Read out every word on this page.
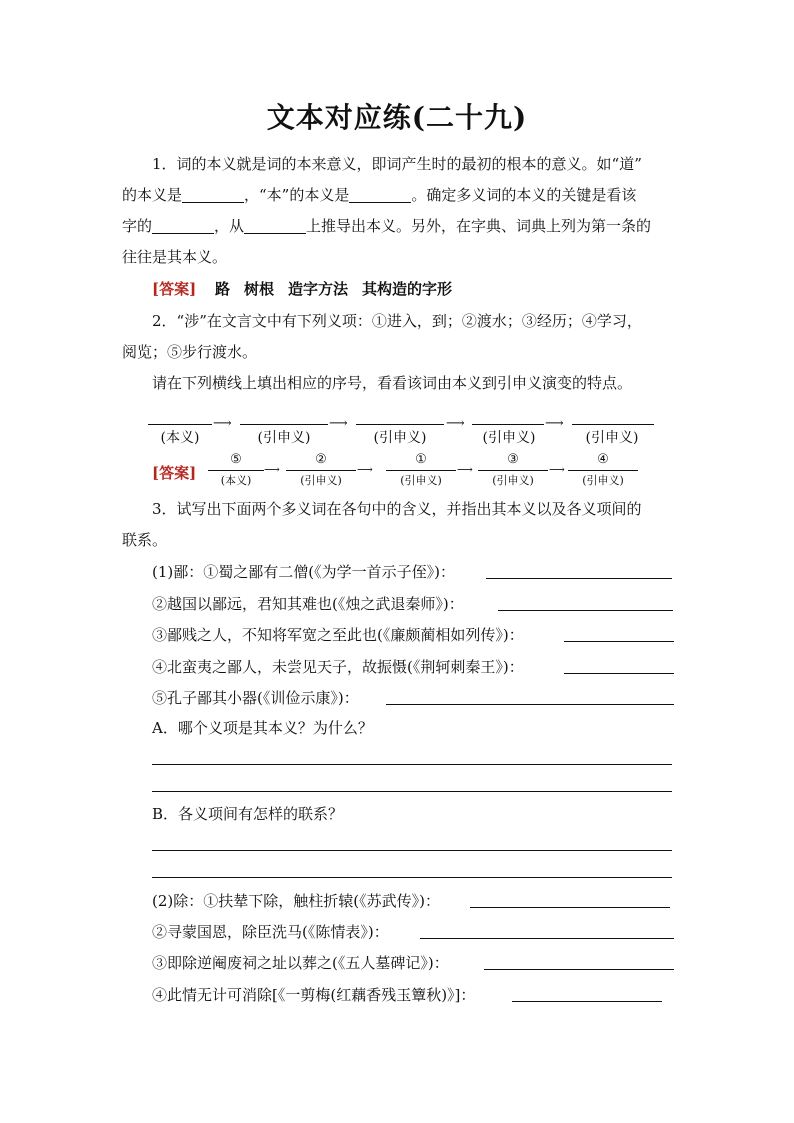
文本对应练(二十九)
1．词的本义就是词的本来意义，即词产生时的最初的根本的意义。如“道”
的本义是	，“本”的本义是	。确定多义词的本义的关键是看该
字的	，从	上推导出本义。另外，在字典、词典上列为第一条的
往往是其本义。
[答案] 路 树根 造字方法 其构造的字形
2．“涉”在文言文中有下列义项：①进入，到；②渡水；③经历；④学习，
阅览；⑤步行渡水。
请在下列横线上填出相应的序号，看看该词由本义到引申义演变的特点。
⟶	⟶	⟶	⟶
(本义)	(引申义)	(引申义)	(引申义)	(引申义)
[答案]
⑤	②	①	③	④
⟶	⟶	⟶	⟶
(本义)	(引申义)	(引申义)	(引申义)	(引申义)
3．试写出下面两个多义词在各句中的含义，并指出其本义以及各义项间的
联系。
(1)鄙：①蜀之鄙有二僧(《为学一首示子侄》)：
②越国以鄙远，君知其难也(《烛之武退秦师》)：
③鄙贱之人，不知将军宽之至此也(《廉颇蔺相如列传》)：
④北蛮夷之鄙人，未尝见天子，故振慑(《荆轲刺秦王》)：
⑤孔子鄙其小器(《训俭示康》)：
A．哪个义项是其本义？为什么？
B．各义项间有怎样的联系？
(2)除：①扶辇下除，触柱折辕(《苏武传》)：
②寻蒙国恩，除臣洗马(《陈情表》)：
③即除逆阉废祠之址以葬之(《五人墓碑记》)：
④此情无计可消除[《一剪梅(红藕香残玉簟秋)》]：
